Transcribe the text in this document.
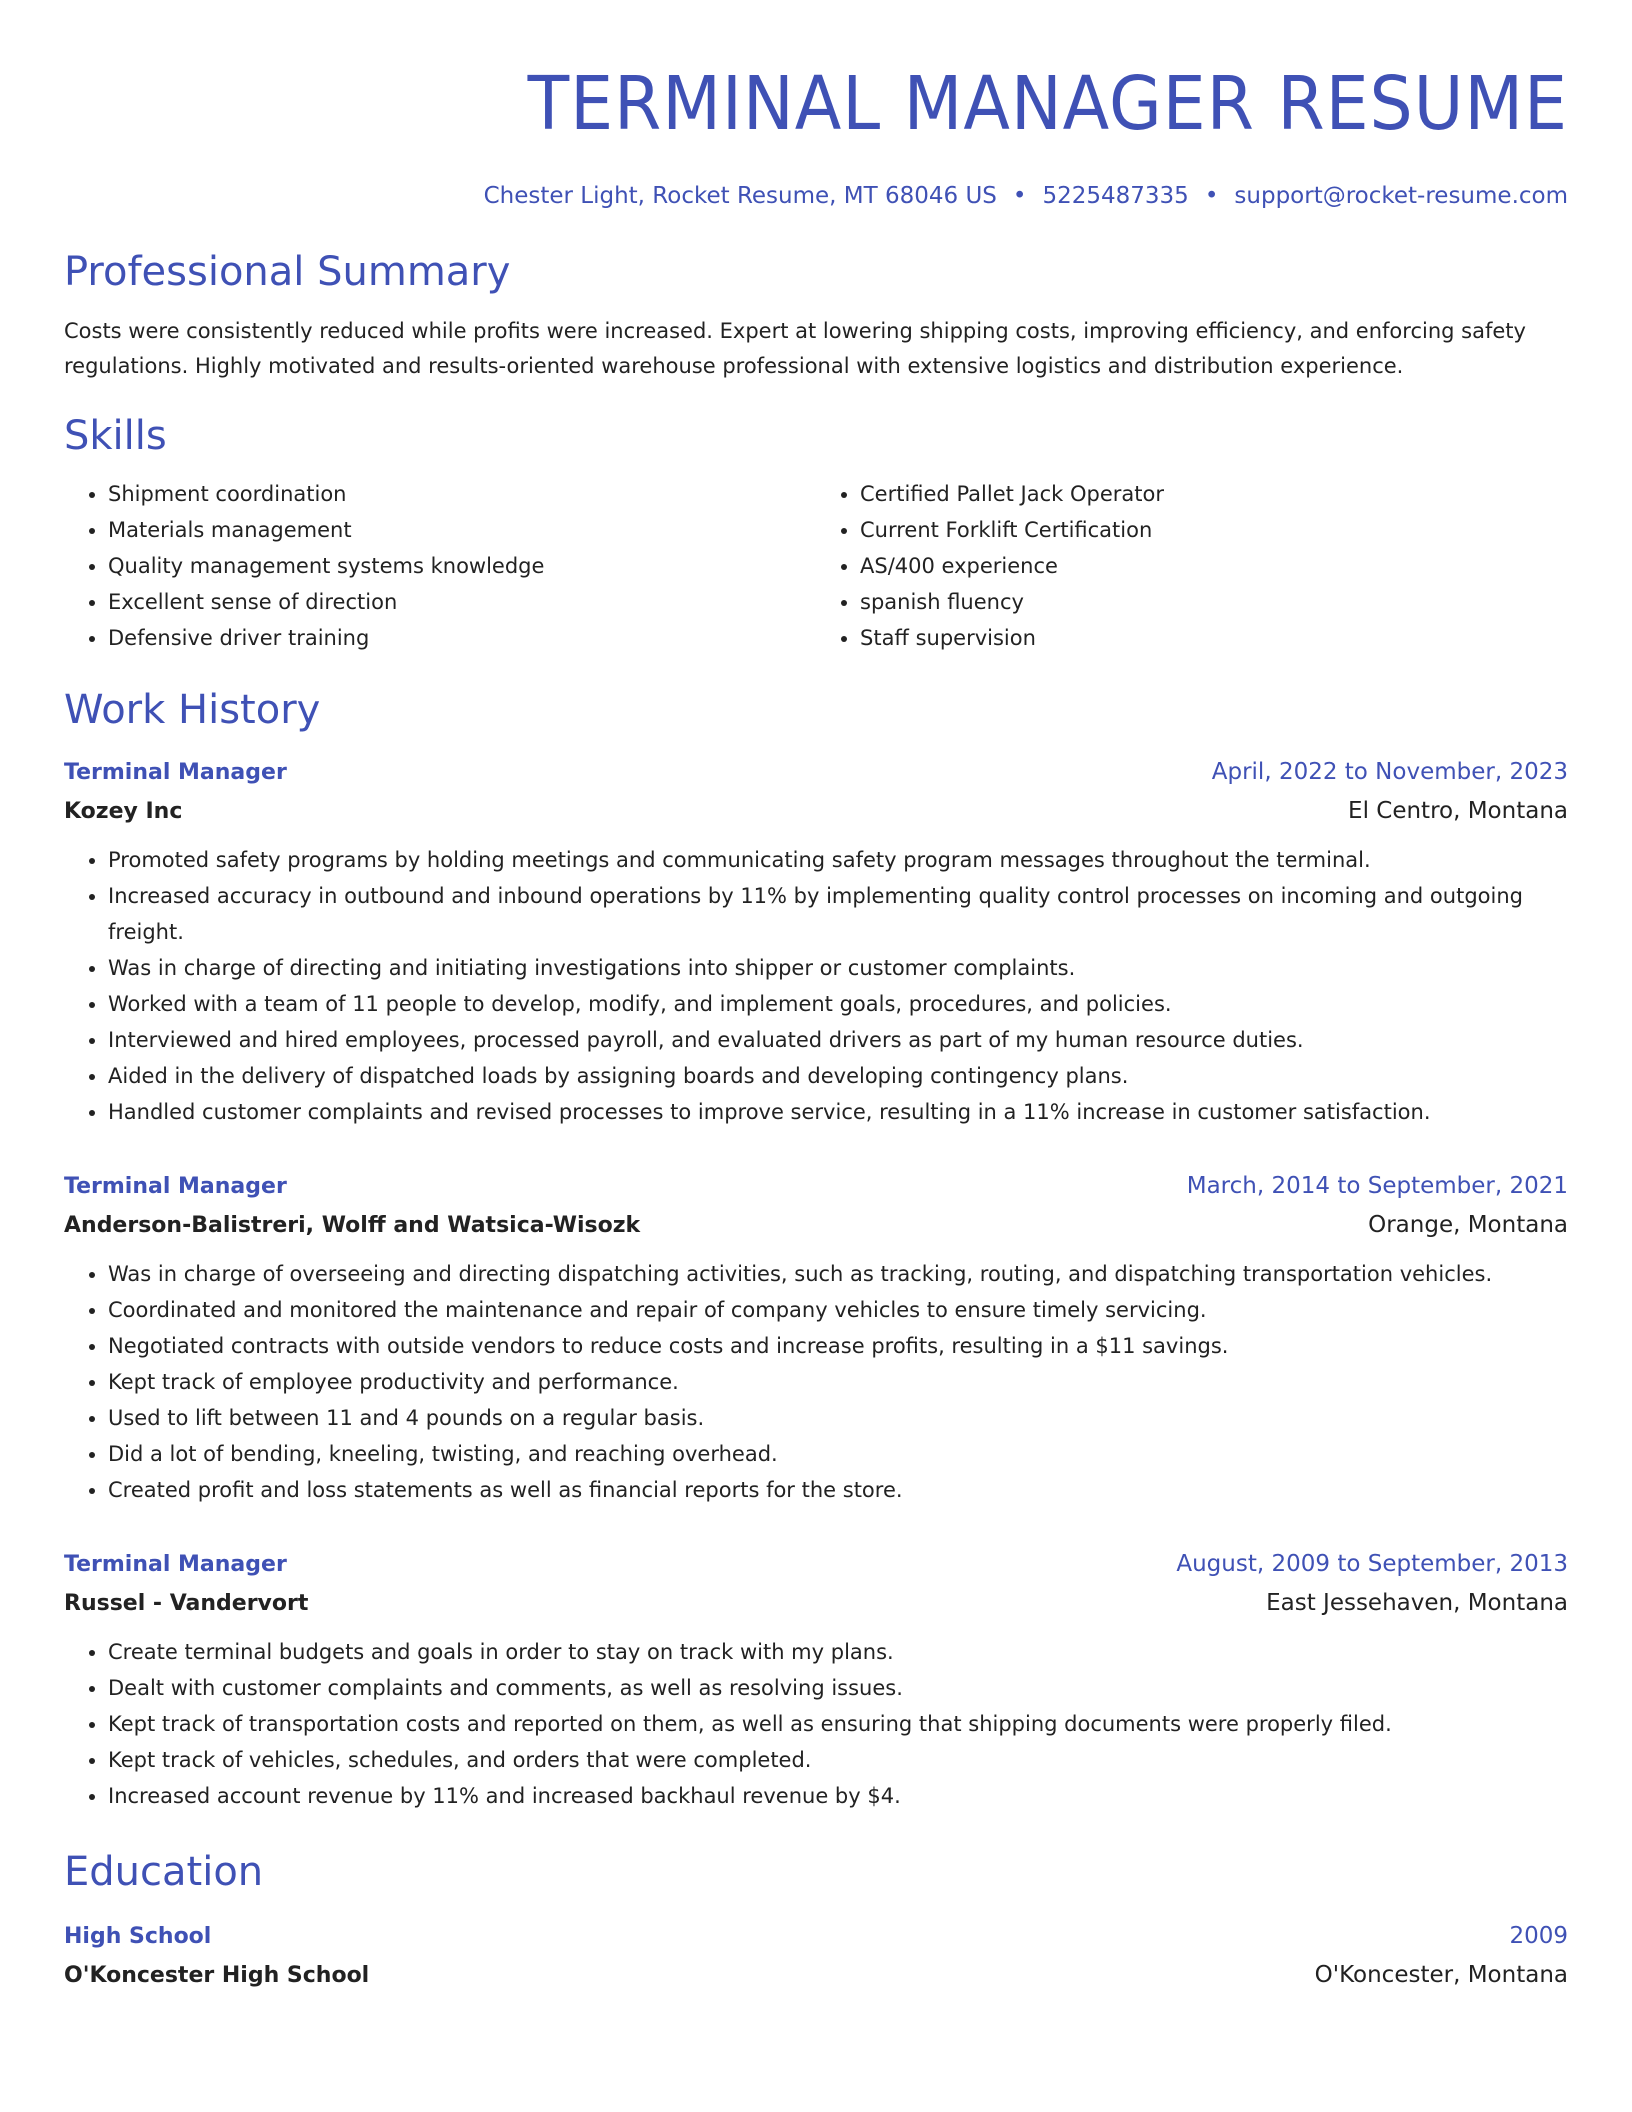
TERMINAL MANAGER RESUME
Chester Light, Rocket Resume, MT 68046 US • 5225487335 • support@rocket-resume.com
Professional Summary
Costs were consistently reduced while profits were increased. Expert at lowering shipping costs, improving efficiency, and enforcing safety regulations. Highly motivated and results-oriented warehouse professional with extensive logistics and distribution experience.
Skills
• Shipment coordination
• Materials management
• Quality management systems knowledge
• Excellent sense of direction
• Defensive driver training
• Certified Pallet Jack Operator
• Current Forklift Certification
• AS/400 experience
• spanish fluency
• Staff supervision
Work History
Terminal Manager	April, 2022 to November, 2023
Kozey Inc	El Centro, Montana
• Promoted safety programs by holding meetings and communicating safety program messages throughout the terminal.
• Increased accuracy in outbound and inbound operations by 11% by implementing quality control processes on incoming and outgoing freight.
• Was in charge of directing and initiating investigations into shipper or customer complaints.
• Worked with a team of 11 people to develop, modify, and implement goals, procedures, and policies.
• Interviewed and hired employees, processed payroll, and evaluated drivers as part of my human resource duties.
• Aided in the delivery of dispatched loads by assigning boards and developing contingency plans.
• Handled customer complaints and revised processes to improve service, resulting in a 11% increase in customer satisfaction.
Terminal Manager	March, 2014 to September, 2021
Anderson-Balistreri, Wolff and Watsica-Wisozk	Orange, Montana
• Was in charge of overseeing and directing dispatching activities, such as tracking, routing, and dispatching transportation vehicles.
• Coordinated and monitored the maintenance and repair of company vehicles to ensure timely servicing.
• Negotiated contracts with outside vendors to reduce costs and increase profits, resulting in a $11 savings.
• Kept track of employee productivity and performance.
• Used to lift between 11 and 4 pounds on a regular basis.
• Did a lot of bending, kneeling, twisting, and reaching overhead.
• Created profit and loss statements as well as financial reports for the store.
Terminal Manager	August, 2009 to September, 2013
Russel - Vandervort	East Jessehaven, Montana
• Create terminal budgets and goals in order to stay on track with my plans.
• Dealt with customer complaints and comments, as well as resolving issues.
• Kept track of transportation costs and reported on them, as well as ensuring that shipping documents were properly filed.
• Kept track of vehicles, schedules, and orders that were completed.
• Increased account revenue by 11% and increased backhaul revenue by $4.
Education
High School	2009
O'Koncester High School	O'Koncester, Montana
